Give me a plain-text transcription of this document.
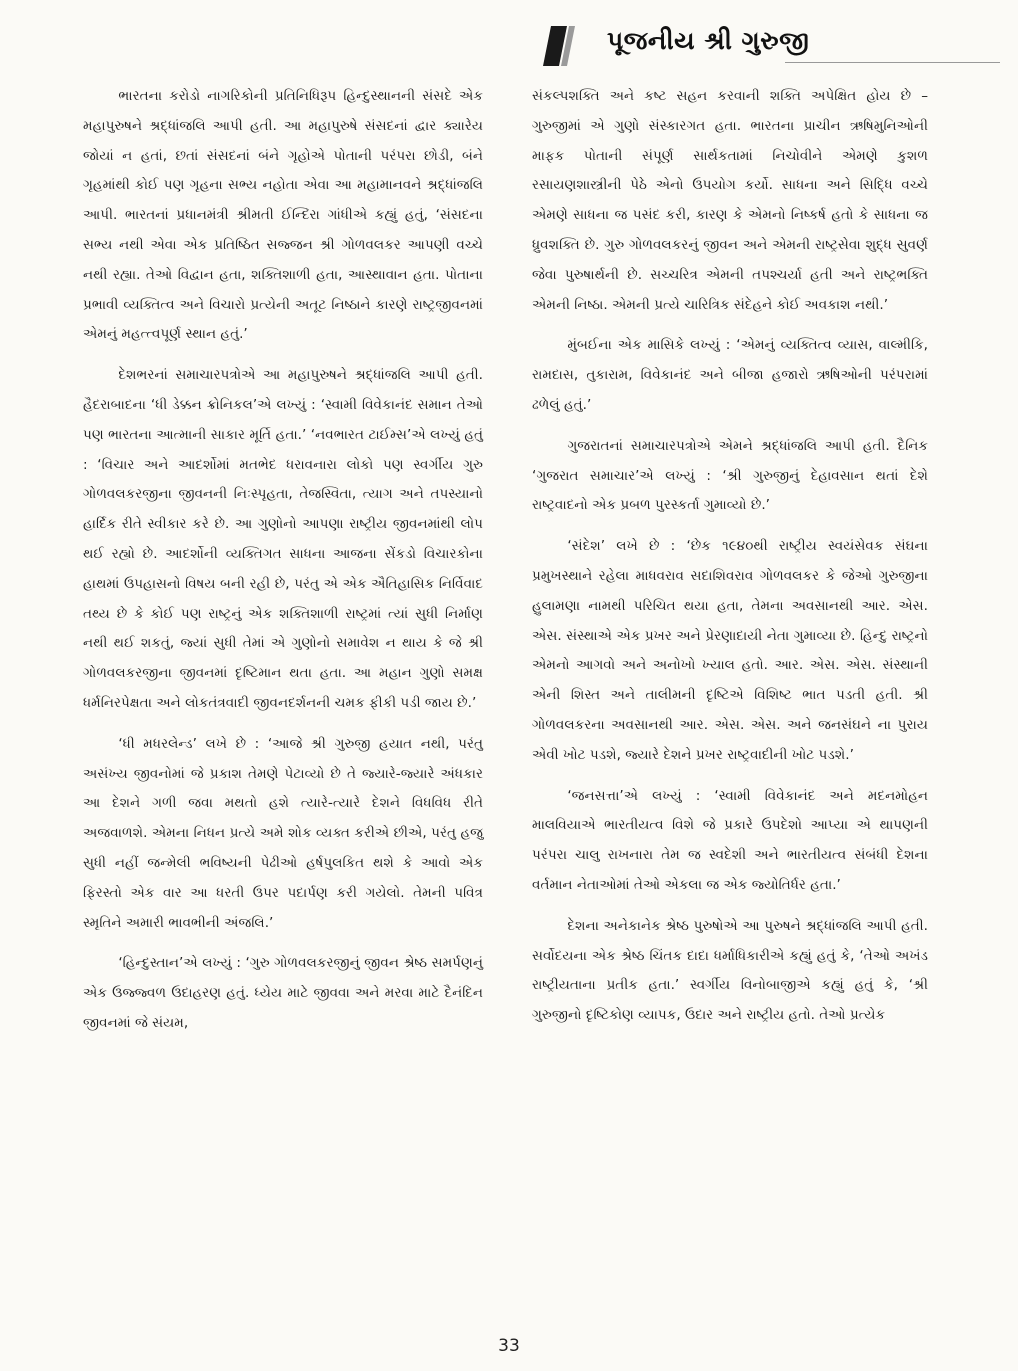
પૂજનીય શ્રી ગુરુજી

ભારતના કરોડો નાગરિકોની પ્રતિનિધિરૂપ હિન્દુસ્થાનની સંસદે એક મહાપુરુષને શ્રદ્ધાંજલિ આપી હતી. આ મહાપુરુષે સંસદનાં દ્વાર ક્યારેય જોયાં ન હતાં, છતાં સંસદનાં બંને ગૃહોએ પોતાની પરંપરા છોડી, બંને ગૃહમાંથી કોઈ પણ ગૃહના સભ્ય નહોતા એવા આ મહામાનવને શ્રદ્ધાંજલિ આપી. ભારતનાં પ્રધાનમંત્રી શ્રીમતી ઈન્દિરા ગાંધીએ કહ્યું હતું, ‘સંસદના સભ્ય નથી એવા એક પ્રતિષ્ઠિત સજ્જન શ્રી ગોળવલકર આપણી વચ્ચે નથી રહ્યા. તેઓ વિદ્વાન હતા, શક્તિશાળી હતા, આસ્થાવાન હતા. પોતાના પ્રભાવી વ્યક્તિત્વ અને વિચારો પ્રત્યેની અતૂટ નિષ્ઠાને કારણે રાષ્ટ્રજીવનમાં એમનું મહત્ત્વપૂર્ણ સ્થાન હતું.’

દેશભરનાં સમાચારપત્રોએ આ મહાપુરુષને શ્રદ્ધાંજલિ આપી હતી. હૈદરાબાદના ‘ધી ડેક્કન ક્રોનિકલ’એ લખ્યું : ‘સ્વામી વિવેકાનંદ સમાન તેઓ પણ ભારતના આત્માની સાકાર મૂર્તિ હતા.’ ‘નવભારત ટાઈમ્સ’એ લખ્યું હતું : ‘વિચાર અને આદર્શોમાં મતભેદ ધરાવનારા લોકો પણ સ્વર્ગીય ગુરુ ગોળવલકરજીના જીવનની નિઃસ્પૃહતા, તેજસ્વિતા, ત્યાગ અને તપસ્યાનો હાર્દિક રીતે સ્વીકાર કરે છે. આ ગુણોનો આપણા રાષ્ટ્રીય જીવનમાંથી લોપ થઈ રહ્યો છે. આદર્શોની વ્યક્તિગત સાધના આજના સેંકડો વિચારકોના હાથમાં ઉપહાસનો વિષય બની રહી છે, પરંતુ એ એક ઐતિહાસિક નિર્વિવાદ તથ્ય છે કે કોઈ પણ રાષ્ટ્રનું એક શક્તિશાળી રાષ્ટ્રમાં ત્યાં સુધી નિર્માણ નથી થઈ શકતું, જ્યાં સુધી તેમાં એ ગુણોનો સમાવેશ ન થાય કે જે શ્રી ગોળવલકરજીના જીવનમાં દૃષ્ટિમાન થતા હતા. આ મહાન ગુણો સમક્ષ ધર્મનિરપેક્ષતા અને લોકતંત્રવાદી જીવનદર્શનની ચમક ફીકી પડી જાય છે.’

‘ધી મધરલેન્ડ’ લખે છે : ‘આજે શ્રી ગુરુજી હયાત નથી, પરંતુ અસંખ્ય જીવનોમાં જે પ્રકાશ તેમણે પેટાવ્યો છે તે જ્યારે-જ્યારે અંધકાર આ દેશને ગળી જવા મથતો હશે ત્યારે-ત્યારે દેશને વિધવિધ રીતે અજવાળશે. એમના નિધન પ્રત્યે અમે શોક વ્યક્ત કરીએ છીએ, પરંતુ હજુ સુધી નહીં જન્મેલી ભવિષ્યની પેઢીઓ હર્ષપુલકિત થશે કે આવો એક ફિરસ્તો એક વાર આ ધરતી ઉપર પદાર્પણ કરી ગયેલો. તેમની પવિત્ર સ્મૃતિને અમારી ભાવભીની અંજલિ.’

‘હિન્દુસ્તાન’એ લખ્યું : ‘ગુરુ ગોળવલકરજીનું જીવન શ્રેષ્ઠ સમર્પણનું એક ઉજ્જ્વળ ઉદાહરણ હતું. ધ્યેય માટે જીવવા અને મરવા માટે દૈનંદિન જીવનમાં જે સંયમ,

સંકલ્પશક્તિ અને કષ્ટ સહન કરવાની શક્તિ અપેક્ષિત હોય છે – ગુરુજીમાં એ ગુણો સંસ્કારગત હતા. ભારતના પ્રાચીન ઋષિમુનિઓની માફક પોતાની સંપૂર્ણ સાર્થકતામાં નિચોવીને એમણે કુશળ રસાયણશાસ્ત્રીની પેઠે એનો ઉપયોગ કર્યો. સાધના અને સિદ્ધિ વચ્ચે એમણે સાધના જ પસંદ કરી, કારણ કે એમનો નિષ્કર્ષ હતો કે સાધના જ ધ્રુવશક્તિ છે. ગુરુ ગોળવલકરનું જીવન અને એમની રાષ્ટ્રસેવા શુદ્ધ સુવર્ણ જેવા પુરુષાર્થની છે. સચ્ચરિત્ર એમની તપશ્ચર્યા હતી અને રાષ્ટ્રભક્તિ એમની નિષ્ઠા. એમની પ્રત્યે ચારિત્રિક સંદેહને કોઈ અવકાશ નથી.’

મુંબઈના એક માસિકે લખ્યું : ‘એમનું વ્યક્તિત્વ વ્યાસ, વાલ્મીકિ, રામદાસ, તુકારામ, વિવેકાનંદ અને બીજા હજારો ઋષિઓની પરંપરામાં ઢળેલું હતું.’

ગુજરાતનાં સમાચારપત્રોએ એમને શ્રદ્ધાંજલિ આપી હતી. દૈનિક ‘ગુજરાત સમાચાર’એ લખ્યું : ‘શ્રી ગુરુજીનું દેહાવસાન થતાં દેશે રાષ્ટ્રવાદનો એક પ્રબળ પુરસ્કર્તા ગુમાવ્યો છે.’

‘સંદેશ’ લખે છે : ‘છેક ૧૯૪૦થી રાષ્ટ્રીય સ્વયંસેવક સંઘના પ્રમુખસ્થાને રહેલા માધવરાવ સદાશિવરાવ ગોળવલકર કે જેઓ ગુરુજીના હુલામણા નામથી પરિચિત થયા હતા, તેમના અવસાનથી આર. એસ. એસ. સંસ્થાએ એક પ્રખર અને પ્રેરણાદાયી નેતા ગુમાવ્યા છે. હિન્દુ રાષ્ટ્રનો એમનો આગવો અને અનોખો ખ્યાલ હતો. આર. એસ. એસ. સંસ્થાની એની શિસ્ત અને તાલીમની દૃષ્ટિએ વિશિષ્ટ ભાત પડતી હતી. શ્રી ગોળવલકરના અવસાનથી આર. એસ. એસ. અને જનસંઘને ના પુરાય એવી ખોટ પડશે, જ્યારે દેશને પ્રખર રાષ્ટ્રવાદીની ખોટ પડશે.’

‘જનસત્તા’એ લખ્યું : ‘સ્વામી વિવેકાનંદ અને મદનમોહન માલવિયાએ ભારતીયત્વ વિશે જે પ્રકારે ઉપદેશો આપ્યા એ થાપણની પરંપરા ચાલુ રાખનારા તેમ જ સ્વદેશી અને ભારતીયત્વ સંબંધી દેશના વર્તમાન નેતાઓમાં તેઓ એકલા જ એક જ્યોતિર્ધર હતા.’

દેશના અનેકાનેક શ્રેષ્ઠ પુરુષોએ આ પુરુષને શ્રદ્ધાંજલિ આપી હતી. સર્વોદયના એક શ્રેષ્ઠ ચિંતક દાદા ધર્માધિકારીએ કહ્યું હતું કે, ‘તેઓ અખંડ રાષ્ટ્રીયતાના પ્રતીક હતા.’ સ્વર્ગીય વિનોબાજીએ કહ્યું હતું કે, ‘શ્રી ગુરુજીનો દૃષ્ટિકોણ વ્યાપક, ઉદાર અને રાષ્ટ્રીય હતો. તેઓ પ્રત્યેક

33
